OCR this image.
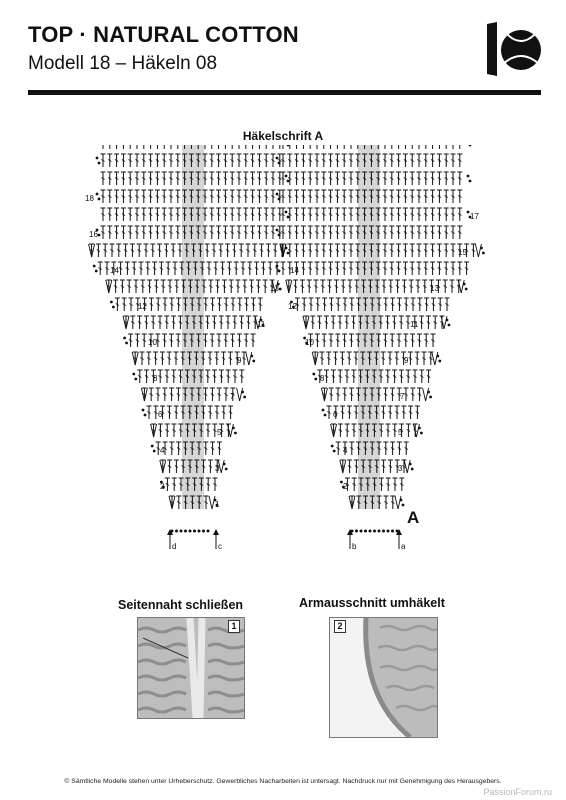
TOP · NATURAL COTTON
Modell 18 – Häkeln 08
Häkelschrift A
18
16
14
12
10
8
6
4
2
17
15
13
11
9
7
5
3
1
2
4
6
8
10
12
14
3
5
7
9
11
13
A
d	c	b	a
Seitennaht schließen	Armausschnitt umhäkelt
1	2
© Sämtliche Modelle stehen unter Urheberschutz. Gewerbliches Nacharbeiten ist untersagt. Nachdruck nur mit Genehmigung des Herausgebers.
PassionForum.ru
